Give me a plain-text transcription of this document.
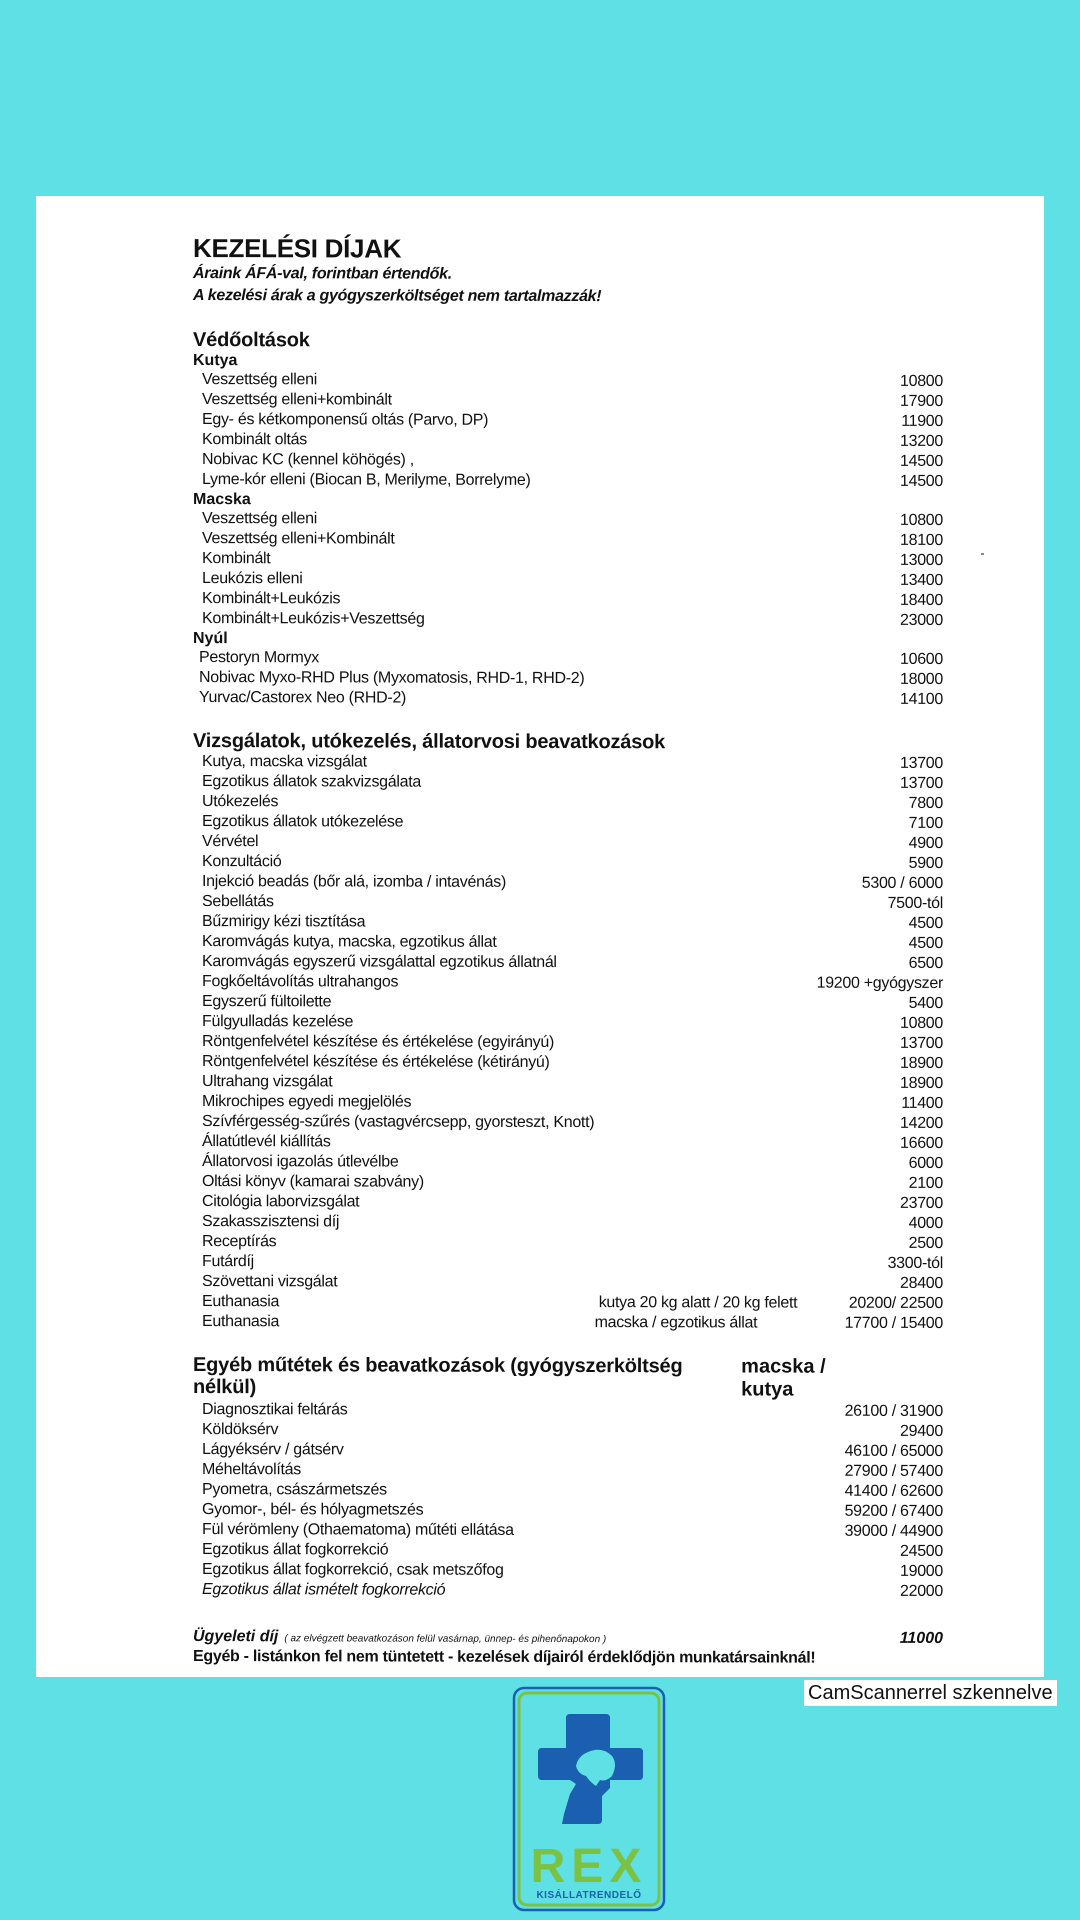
KEZELÉSI DÍJAK

Áraink ÁFÁ-val, forintban értendők.

A kezelési árak a gyógyszerköltséget nem tartalmazzák!

Védőoltások
Kutya
Veszettség elleni	10800
Veszettség elleni+kombinált	17900
Egy- és kétkomponensű oltás (Parvo, DP)	11900
Kombinált oltás	13200
Nobivac KC (kennel köhögés) ,	14500
Lyme-kór elleni (Biocan B, Merilyme, Borrelyme)	14500
Macska
Veszettség elleni	10800
Veszettség elleni+Kombinált	18100
Kombinált	13000
Leukózis elleni	13400
Kombinált+Leukózis	18400
Kombinált+Leukózis+Veszettség	23000
Nyúl
Pestoryn Mormyx	10600
Nobivac Myxo-RHD Plus (Myxomatosis, RHD-1, RHD-2)	18000
Yurvac/Castorex Neo (RHD-2)	14100
Vizsgálatok, utókezelés, állatorvosi beavatkozások
Kutya, macska vizsgálat	13700
Egzotikus állatok szakvizsgálata	13700
Utókezelés	7800
Egzotikus állatok utókezelése	7100
Vérvétel	4900
Konzultáció	5900
Injekció beadás (bőr alá, izomba / intavénás)	5300 / 6000
Sebellátás	7500-tól
Bűzmirigy kézi tisztítása	4500
Karomvágás kutya, macska, egzotikus állat	4500
Karomvágás egyszerű vizsgálattal egzotikus állatnál	6500
Fogkőeltávolítás ultrahangos	19200 +gyógyszer
Egyszerű fültoilette	5400
Fülgyulladás kezelése	10800
Röntgenfelvétel készítése és értékelése (egyirányú)	13700
Röntgenfelvétel készítése és értékelése (kétirányú)	18900
Ultrahang vizsgálat	18900
Mikrochipes egyedi megjelölés	11400
Szívférgesség-szűrés (vastagvércsepp, gyorsteszt, Knott)	14200
Állatútlevél kiállítás	16600
Állatorvosi igazolás útlevélbe	6000
Oltási könyv (kamarai szabvány)	2100
Citológia laborvizsgálat	23700
Szakasszisztensi díj	4000
Receptírás	2500
Futárdíj	3300-tól
Szövettani vizsgálat	28400
Euthanasia	kutya 20 kg alatt / 20 kg felett	20200/ 22500
Euthanasia	macska / egzotikus állat	17700 / 15400
Egyéb műtétek és beavatkozások (gyógyszerköltség nélkül)
macska / kutya
Diagnosztikai feltárás	26100 / 31900
Köldöksérv	29400
Lágyéksérv / gátsérv	46100 / 65000
Méheltávolítás	27900 / 57400
Pyometra, császármetszés	41400 / 62600
Gyomor-, bél- és hólyagmetszés	59200 / 67400
Fül vérömleny (Othaematoma) műtéti ellátása	39000 / 44900
Egzotikus állat fogkorrekció	24500
Egzotikus állat fogkorrekció, csak metszőfog	19000
Egzotikus állat ismételt fogkorrekció	22000
Ügyeleti díj ( az elvégzett beavatkozáson felül vasárnap, ünnep- és pihenőnapokon )	11000
Egyéb - listánkon fel nem tüntetett - kezelések díjairól érdeklődjön munkatársainknál!
CamScannerrel szkennelve
REX
KISÁLLATRENDELŐ
